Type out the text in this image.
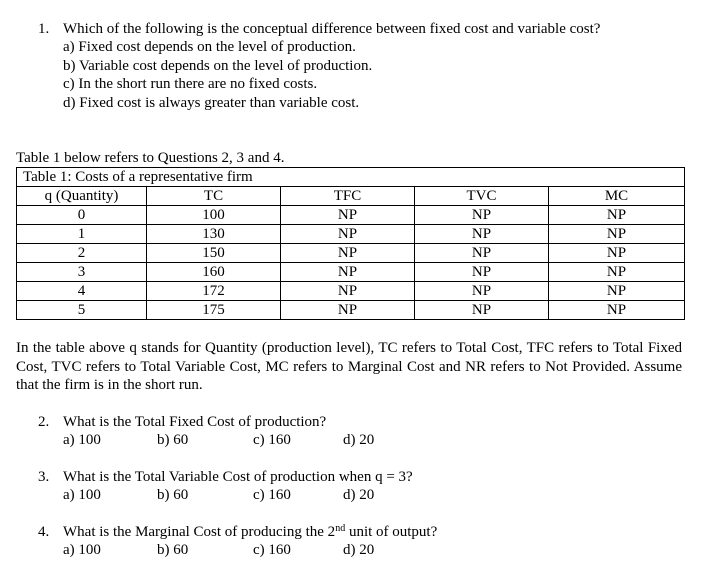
1. Which of the following is the conceptual difference between fixed cost and variable cost?
a) Fixed cost depends on the level of production.
b) Variable cost depends on the level of production.
c) In the short run there are no fixed costs.
d) Fixed cost is always greater than variable cost.
Table 1 below refers to Questions 2, 3 and 4.
Table 1: Costs of a representative firm				
q (Quantity)	TC	TFC	TVC	MC
0	100	NP	NP	NP
1	130	NP	NP	NP
2	150	NP	NP	NP
3	160	NP	NP	NP
4	172	NP	NP	NP
5	175	NP	NP	NP
In the table above q stands for Quantity (production level), TC refers to Total Cost, TFC refers to Total Fixed Cost, TVC refers to Total Variable Cost, MC refers to Marginal Cost and NR refers to Not Provided. Assume that the firm is in the short run.
2. What is the Total Fixed Cost of production?
a) 100	b) 60	c) 160	d) 20
3. What is the Total Variable Cost of production when q = 3?
a) 100	b) 60	c) 160	d) 20
4. What is the Marginal Cost of producing the 2nd unit of output?
a) 100	b) 60	c) 160	d) 20
